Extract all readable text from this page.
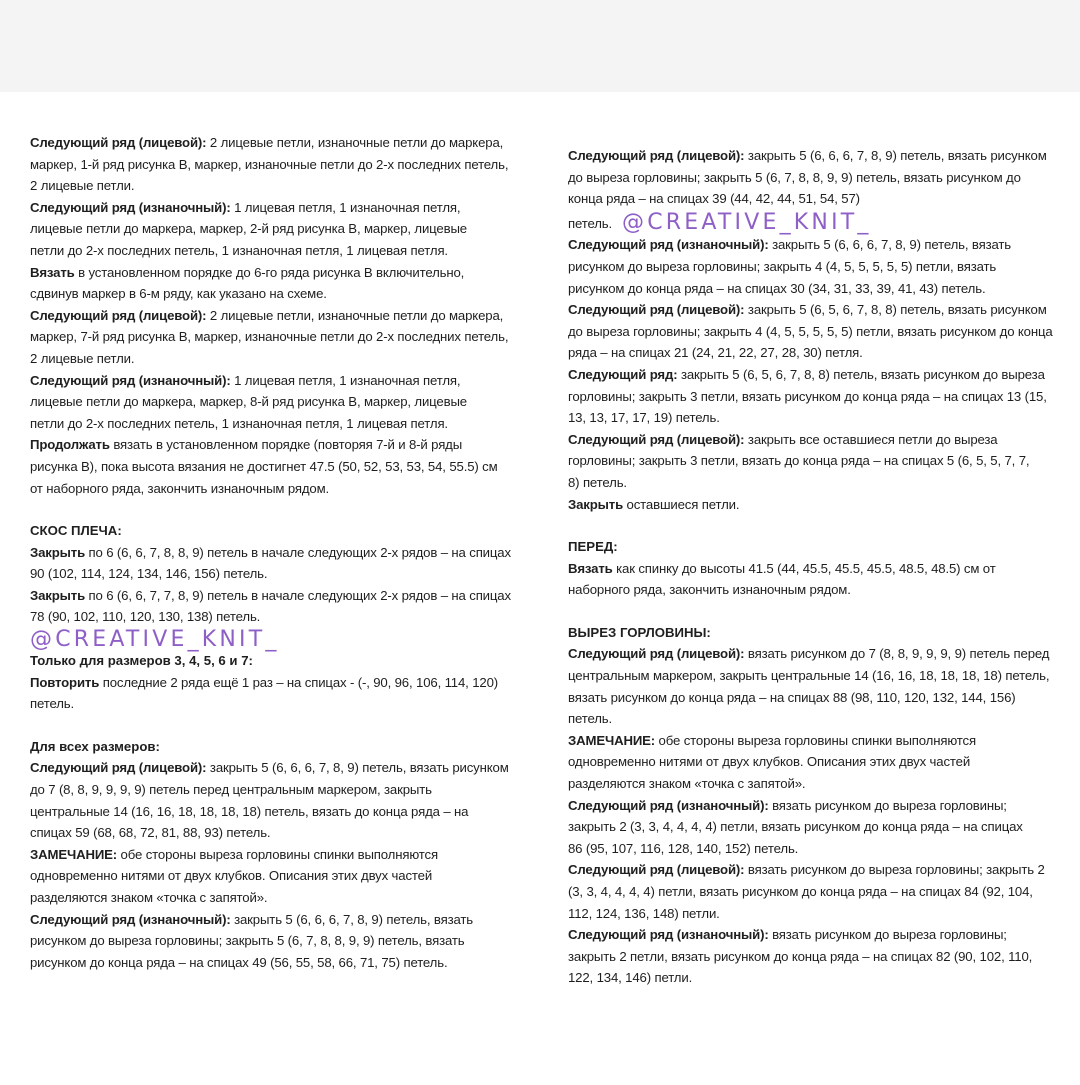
Следующий ряд (лицевой): 2 лицевые петли, изнаночные петли до маркера, маркер, 1-й ряд рисунка В, маркер, изнаночные петли до 2-х последних петель, 2 лицевые петли.

Следующий ряд (изнаночный): 1 лицевая петля, 1 изнаночная петля, лицевые петли до маркера, маркер, 2-й ряд рисунка В, маркер, лицевые петли до 2-х последних петель, 1 изнаночная петля, 1 лицевая петля.

Вязать в установленном порядке до 6-го ряда рисунка В включительно, сдвинув маркер в 6-м ряду, как указано на схеме.

Следующий ряд (лицевой): 2 лицевые петли, изнаночные петли до маркера, маркер, 7-й ряд рисунка В, маркер, изнаночные петли до 2-х последних петель, 2 лицевые петли.

Следующий ряд (изнаночный): 1 лицевая петля, 1 изнаночная петля, лицевые петли до маркера, маркер, 8-й ряд рисунка В, маркер, лицевые петли до 2-х последних петель, 1 изнаночная петля, 1 лицевая петля.

Продолжать вязать в установленном порядке (повторяя 7-й и 8-й ряды рисунка В), пока высота вязания не достигнет 47.5 (50, 52, 53, 53, 54, 55.5) см от наборного ряда, закончить изнаночным рядом.

СКОС ПЛЕЧА:

Закрыть по 6 (6, 6, 7, 8, 8, 9) петель в начале следующих 2-х рядов – на спицах 90 (102, 114, 124, 134, 146, 156) петель.

Закрыть по 6 (6, 6, 7, 7, 8, 9) петель в начале следующих 2-х рядов – на спицах 78 (90, 102, 110, 120, 130, 138) петель.

@CREATIVE_KNIT_

Только для размеров 3, 4, 5, 6 и 7:

Повторить последние 2 ряда ещё 1 раз – на спицах - (-, 90, 96, 106, 114, 120) петель.

Для всех размеров:

Следующий ряд (лицевой): закрыть 5 (6, 6, 6, 7, 8, 9) петель, вязать рисунком до 7 (8, 8, 9, 9, 9, 9) петель перед центральным маркером, закрыть центральные 14 (16, 16, 18, 18, 18, 18) петель, вязать до конца ряда – на спицах 59 (68, 68, 72, 81, 88, 93) петель.

ЗАМЕЧАНИЕ: обе стороны выреза горловины спинки выполняются одновременно нитями от двух клубков. Описания этих двух частей разделяются знаком «точка с запятой».

Следующий ряд (изнаночный): закрыть 5 (6, 6, 6, 7, 8, 9) петель, вязать рисунком до выреза горловины; закрыть 5 (6, 7, 8, 8, 9, 9) петель, вязать рисунком до конца ряда – на спицах 49 (56, 55, 58, 66, 71, 75) петель.

Следующий ряд (лицевой): закрыть 5 (6, 6, 6, 7, 8, 9) петель, вязать рисунком до выреза горловины; закрыть 5 (6, 7, 8, 8, 9, 9) петель, вязать рисунком до конца ряда – на спицах 39 (44, 42, 44, 51, 54, 57) петель. @CREATIVE_KNIT_

Следующий ряд (изнаночный): закрыть 5 (6, 6, 6, 7, 8, 9) петель, вязать рисунком до выреза горловины; закрыть 4 (4, 5, 5, 5, 5, 5) петли, вязать рисунком до конца ряда – на спицах 30 (34, 31, 33, 39, 41, 43) петель.

Следующий ряд (лицевой): закрыть 5 (6, 5, 6, 7, 8, 8) петель, вязать рисунком до выреза горловины; закрыть 4 (4, 5, 5, 5, 5, 5) петли, вязать рисунком до конца ряда – на спицах 21 (24, 21, 22, 27, 28, 30) петля.

Следующий ряд: закрыть 5 (6, 5, 6, 7, 8, 8) петель, вязать рисунком до выреза горловины; закрыть 3 петли, вязать рисунком до конца ряда – на спицах 13 (15, 13, 13, 17, 17, 19) петель.

Следующий ряд (лицевой): закрыть все оставшиеся петли до выреза горловины; закрыть 3 петли, вязать до конца ряда – на спицах 5 (6, 5, 5, 7, 7, 8) петель.

Закрыть оставшиеся петли.

ПЕРЕД:

Вязать как спинку до высоты 41.5 (44, 45.5, 45.5, 45.5, 48.5, 48.5) см от наборного ряда, закончить изнаночным рядом.

ВЫРЕЗ ГОРЛОВИНЫ:

Следующий ряд (лицевой): вязать рисунком до 7 (8, 8, 9, 9, 9, 9) петель перед центральным маркером, закрыть центральные 14 (16, 16, 18, 18, 18, 18) петель, вязать рисунком до конца ряда – на спицах 88 (98, 110, 120, 132, 144, 156) петель.

ЗАМЕЧАНИЕ: обе стороны выреза горловины спинки выполняются одновременно нитями от двух клубков. Описания этих двух частей разделяются знаком «точка с запятой».

Следующий ряд (изнаночный): вязать рисунком до выреза горловины; закрыть 2 (3, 3, 4, 4, 4, 4) петли, вязать рисунком до конца ряда – на спицах 86 (95, 107, 116, 128, 140, 152) петель.

Следующий ряд (лицевой): вязать рисунком до выреза горловины; закрыть 2 (3, 3, 4, 4, 4, 4) петли, вязать рисунком до конца ряда – на спицах 84 (92, 104, 112, 124, 136, 148) петли.

Следующий ряд (изнаночный): вязать рисунком до выреза горловины; закрыть 2 петли, вязать рисунком до конца ряда – на спицах 82 (90, 102, 110, 122, 134, 146) петли.
